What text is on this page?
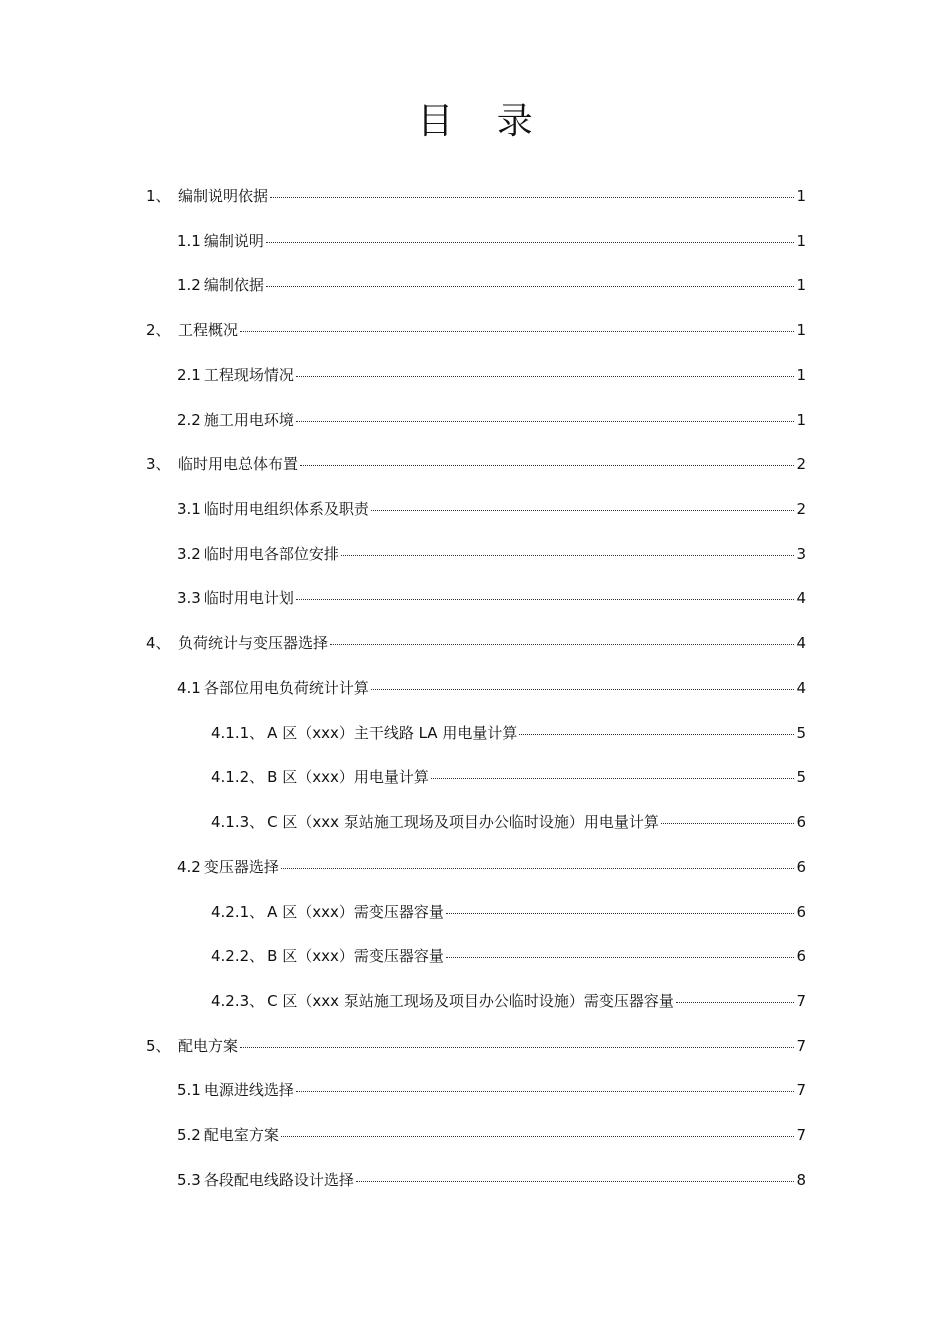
目 录
1、 编制说明依据	1
1.1 编制说明	1
1.2 编制依据	1
2、 工程概况	1
2.1 工程现场情况	1
2.2 施工用电环境	1
3、 临时用电总体布置	2
3.1 临时用电组织体系及职责	2
3.2 临时用电各部位安排	3
3.3 临时用电计划	4
4、 负荷统计与变压器选择	4
4.1 各部位用电负荷统计计算	4
4.1.1、 A 区（xxx）主干线路 LA 用电量计算	5
4.1.2、 B 区（xxx）用电量计算	5
4.1.3、 C 区（xxx 泵站施工现场及项目办公临时设施）用电量计算	6
4.2 变压器选择	6
4.2.1、 A 区（xxx）需变压器容量	6
4.2.2、 B 区（xxx）需变压器容量	6
4.2.3、 C 区（xxx 泵站施工现场及项目办公临时设施）需变压器容量	7
5、 配电方案	7
5.1 电源进线选择	7
5.2 配电室方案	7
5.3 各段配电线路设计选择	8
